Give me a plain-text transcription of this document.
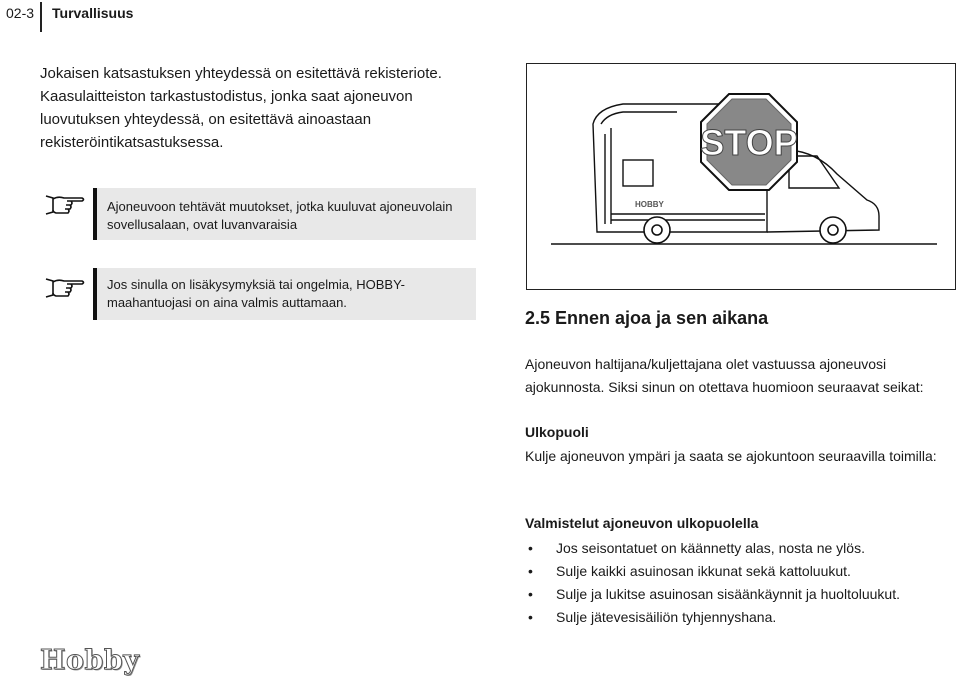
02-3 Turvallisuus
Jokaisen katsastuksen yhteydessä on esitettävä rekisteriote. Kaasulaitteiston tarkastustodistus, jonka saat ajoneuvon luovutuksen yhteydessä, on esitettävä ainoastaan rekisteröintikatsastuksessa.
Ajoneuvoon tehtävät muutokset, jotka kuuluvat ajoneuvolain sovellusalaan, ovat luvanvaraisia
Jos sinulla on lisäkysymyksiä tai ongelmia, HOBBY-maahantuojasi on aina valmis auttamaan.
HOBBY
STOP
2.5 Ennen ajoa ja sen aikana
Ajoneuvon haltijana/kuljettajana olet vastuussa ajoneuvosi ajokunnosta. Siksi sinun on otettava huomioon seuraavat seikat:
Ulkopuoli
Kulje ajoneuvon ympäri ja saata se ajokuntoon seuraavilla toimilla:
Valmistelut ajoneuvon ulkopuolella
• Jos seisontatuet on käännetty alas, nosta ne ylös.
• Sulje kaikki asuinosan ikkunat sekä kattoluukut.
• Sulje ja lukitse asuinosan sisäänkäynnit ja huoltoluukut.
• Sulje jätevesisäiliön tyhjennyshana.
Hobby
